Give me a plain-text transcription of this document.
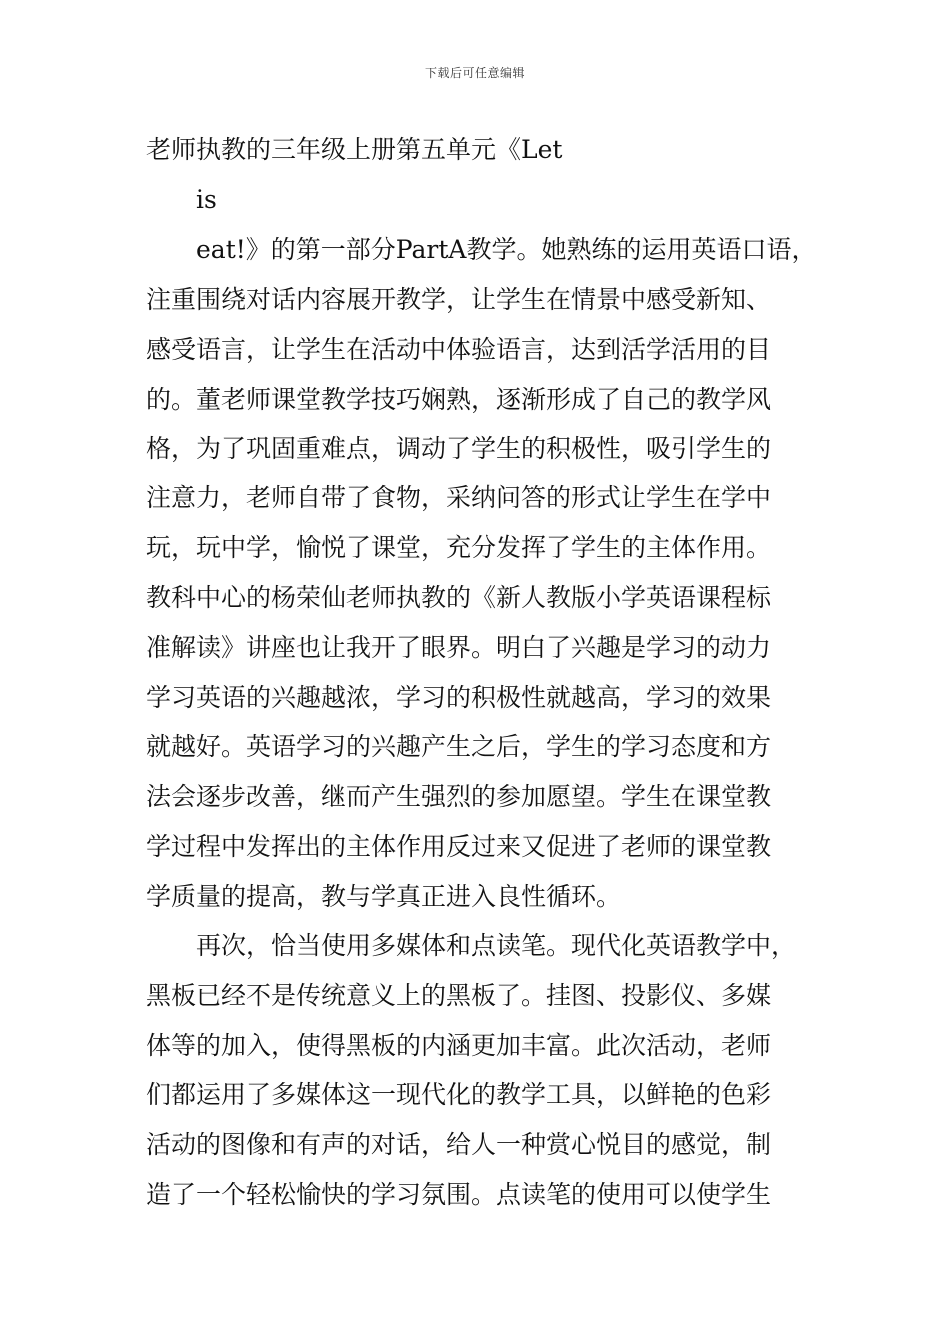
下载后可任意编辑
老师执教的三年级上册第五单元《Let
is
eat!》的第一部分PartA教学。她熟练的运用英语口语，
注重围绕对话内容展开教学，让学生在情景中感受新知、
感受语言，让学生在活动中体验语言，达到活学活用的目
的。董老师课堂教学技巧娴熟，逐渐形成了自己的教学风
格，为了巩固重难点，调动了学生的积极性，吸引学生的
注意力，老师自带了食物，采纳问答的形式让学生在学中
玩，玩中学，愉悦了课堂，充分发挥了学生的主体作用。
教科中心的杨荣仙老师执教的《新人教版小学英语课程标
准解读》讲座也让我开了眼界。明白了兴趣是学习的动力
学习英语的兴趣越浓，学习的积极性就越高，学习的效果
就越好。英语学习的兴趣产生之后，学生的学习态度和方
法会逐步改善，继而产生强烈的参加愿望。学生在课堂教
学过程中发挥出的主体作用反过来又促进了老师的课堂教
学质量的提高，教与学真正进入良性循环。
再次，恰当使用多媒体和点读笔。现代化英语教学中，
黑板已经不是传统意义上的黑板了。挂图、投影仪、多媒
体等的加入，使得黑板的内涵更加丰富。此次活动，老师
们都运用了多媒体这一现代化的教学工具，以鲜艳的色彩
活动的图像和有声的对话，给人一种赏心悦目的感觉，制
造了一个轻松愉快的学习氛围。点读笔的使用可以使学生
